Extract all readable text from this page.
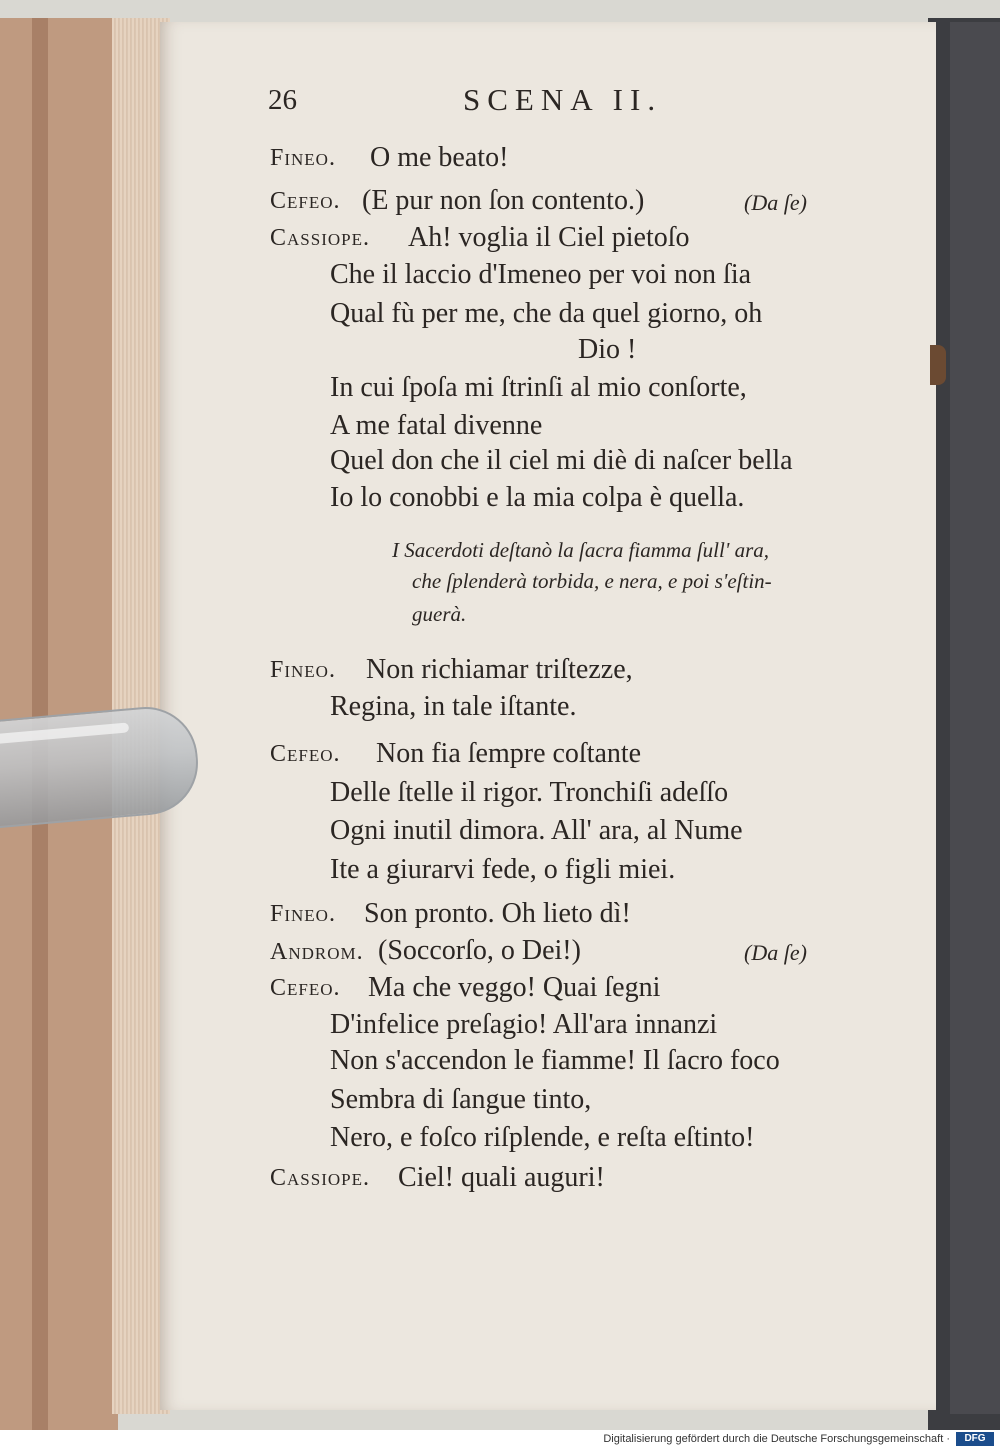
26	SCENA II.
Fineo. O me beato!
Cefeo. (E pur non ſon contento.)	(Da ſe)
Cassiope. Ah! voglia il Ciel pietoſo
Che il laccio d'Imeneo per voi non ſia
Qual fù per me, che da quel giorno, oh
Dio !
In cui ſpoſa mi ſtrinſi al mio conſorte,
A me fatal divenne
Quel don che il ciel mi diè di naſcer bella
Io lo conobbi e la mia colpa è quella.
I Sacerdoti deſtanò la ſacra fiamma ſull' ara,
che ſplenderà torbida, e nera, e poi s'eſtin-
guerà.
Fineo. Non richiamar triſtezze,
Regina, in tale iſtante.
Cefeo. Non fia ſempre coſtante
Delle ſtelle il rigor. Tronchiſi adeſſo
Ogni inutil dimora. All' ara, al Nume
Ite a giurarvi fede, o figli miei.
Fineo. Son pronto. Oh lieto dì!
Androm. (Soccorſo, o Dei!)	(Da ſe)
Cefeo. Ma che veggo! Quai ſegni
D'infelice preſagio! All'ara innanzi
Non s'accendon le fiamme! Il ſacro foco
Sembra di ſangue tinto,
Nero, e foſco riſplende, e reſta eſtinto!
Cassiope. Ciel! quali auguri!
Digitalisierung gefördert durch die Deutsche Forschungsgemeinschaft ·	DFG
